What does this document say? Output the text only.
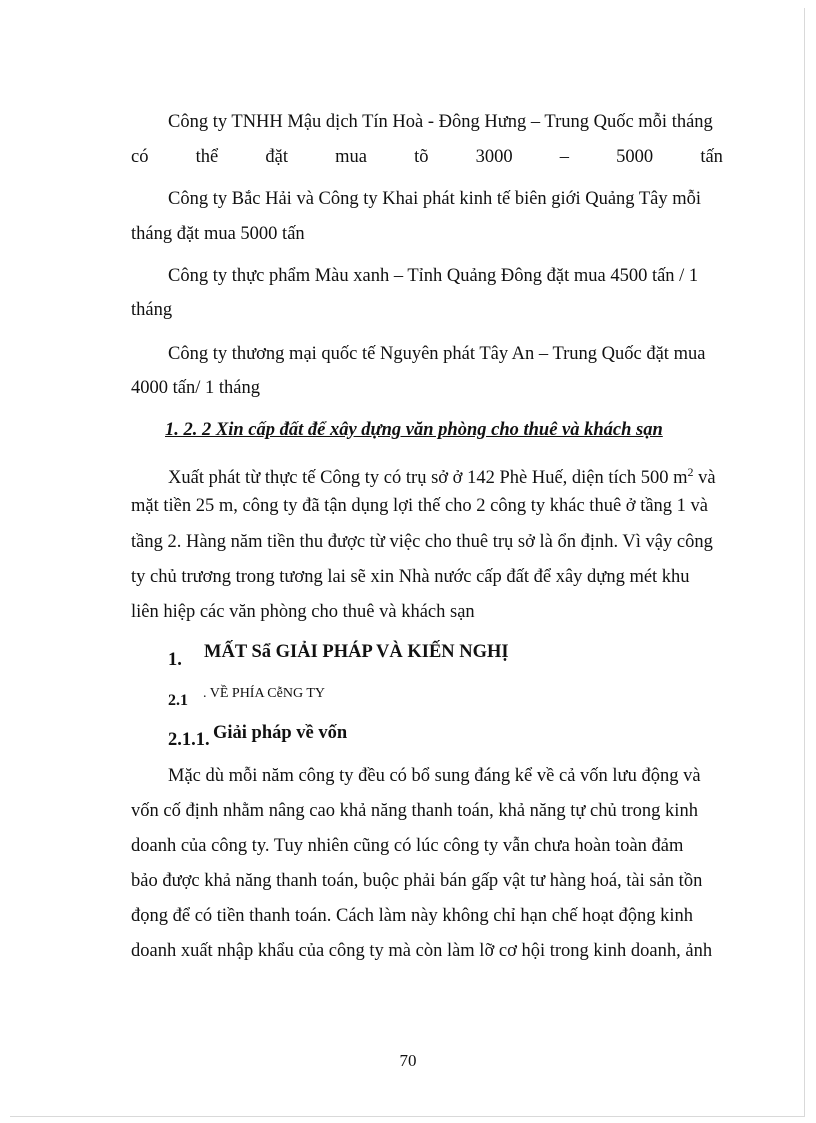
Công ty TNHH Mậu dịch Tín Hoà - Đông Hưng – Trung Quốc mỗi tháng
có	thể	đặt	mua	tõ	3000	–	5000	tấn
Công ty Bắc Hải và Công ty Khai phát kinh tế biên giới Quảng Tây mỗi
tháng đặt mua 5000 tấn
Công ty thực phẩm Màu xanh – Tỉnh Quảng Đông đặt mua 4500 tấn / 1
tháng
Công ty thương mại quốc tế Nguyên phát Tây An – Trung Quốc đặt mua
4000 tấn/ 1 tháng
1. 2. 2 Xin cấp đất để xây dựng văn phòng cho thuê và khách sạn
Xuất phát từ thực tế Công ty có trụ sở ở 142 Phè Huế, diện tích 500 $m^2$ và
mặt tiền 25 m, công ty đã tận dụng lợi thế cho 2 công ty khác thuê ở tầng 1 và
tầng 2. Hàng năm tiền thu được từ việc cho thuê trụ sở là ổn định. Vì vậy công
ty chủ trương trong tương lai sẽ xin Nhà nước cấp đất để xây dựng mét khu
liên hiệp các văn phòng cho thuê và khách sạn
1. MẤT Sẩ GIẢI PHÁP VÀ KIẾN NGHỊ
2.1 . VỀ PHÍA CễNG TY
2.1.1. Giải pháp về vốn
Mặc dù mỗi năm công ty đều có bổ sung đáng kể về cả vốn lưu động và
vốn cố định nhằm nâng cao khả năng thanh toán, khả năng tự chủ trong kinh
doanh của công ty. Tuy nhiên cũng có lúc công ty vẫn chưa hoàn toàn đảm
bảo được khả năng thanh toán, buộc phải bán gấp vật tư hàng hoá, tài sản tồn
đọng để có tiền thanh toán. Cách làm này không chỉ hạn chế hoạt động kinh
doanh xuất nhập khẩu của công ty mà còn làm lỡ cơ hội trong kinh doanh, ảnh
70
